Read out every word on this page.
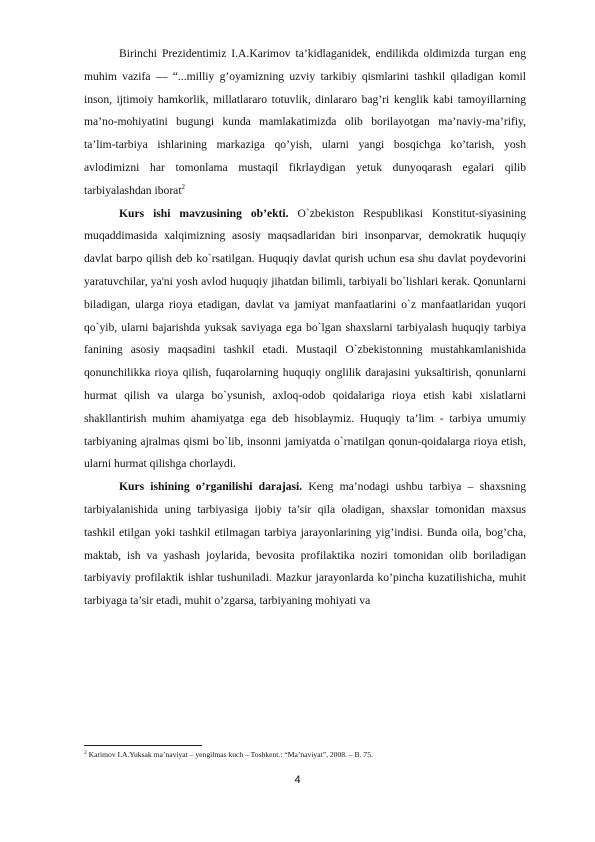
Birinchi Prezidentimiz I.A.Karimov ta’kidlaganidek, endilikda oldimizda turgan eng muhim vazifa — “...milliy g’oyamizning uzviy tarkibiy qismlarini tashkil qiladigan komil inson, ijtimoiy hamkorlik, millatlararo totuvlik, dinlararo bag’ri kenglik kabi tamoyillarning ma’no-mohiyatini bugungi kunda mamlakatimizda olib borilayotgan ma’naviy-ma’rifiy, ta’lim-tarbiya ishlarining markaziga qo’yish, ularni yangi bosqichga ko’tarish, yosh avlodimizni har tomonlama mustaqil fikrlaydigan yetuk dunyoqarash egalari qilib tarbiyalashdan iborat$^2$

Kurs ishi mavzusining ob’ekti. O`zbekiston Respublikasi Konstitut-siyasining muqaddimasida xalqimizning asosiy maqsadlaridan biri insonparvar, demokratik huquqiy davlat barpo qilish deb ko`rsatilgan. Huquqiy davlat qurish uchun esa shu davlat poydevorini yaratuvchilar, ya'ni yosh avlod huquqiy jihatdan bilimli, tarbiyali bo`lishlari kerak. Qonunlarni biladigan, ularga rioya etadigan, davlat va jamiyat manfaatlarini o`z manfaatlaridan yuqori qo`yib, ularni bajarishda yuksak saviyaga ega bo`lgan shaxslarni tarbiyalash huquqiy tarbiya fanining asosiy maqsadini tashkil etadi. Mustaqil O`zbekistonning mustahkamlanishida qonunchilikka rioya qilish, fuqarolarning huquqiy onglilik darajasini yuksaltirish, qonunlarni hurmat qilish va ularga bo`ysunish, axloq-odob qoidalariga rioya etish kabi xislatlarni shakllantirish muhim ahamiyatga ega deb hisoblaymiz. Huquqiy ta’lim - tarbiya umumiy tarbiyaning ajralmas qismi bo`lib, insonni jamiyatda o`rnatilgan qonun-qoidalarga rioya etish, ularni hurmat qilishga chorlaydi.

Kurs ishining o’rganilishi darajasi. Keng ma’nodagi ushbu tarbiya – shaxsning tarbiyalanishida uning tarbiyasiga ijobiy ta’sir qila oladigan, shaxslar tomonidan maxsus tashkil etilgan yoki tashkil etilmagan tarbiya jarayonlarining yig’indisi. Bunda oila, bog’cha, maktab, ish va yashash joylarida, bevosita profilaktika noziri tomonidan olib boriladigan tarbiyaviy profilaktik ishlar tushuniladi. Mazkur jarayonlarda ko’pincha kuzatilishicha, muhit tarbiyaga ta’sir etadi, muhit o’zgarsa, tarbiyaning mohiyati va

$^2$ Karimov I.A.Yuksak ma’naviyat – yengilmas kuch – Toshkent.: “Ma’naviyat”, 2008. – B. 75.
4
